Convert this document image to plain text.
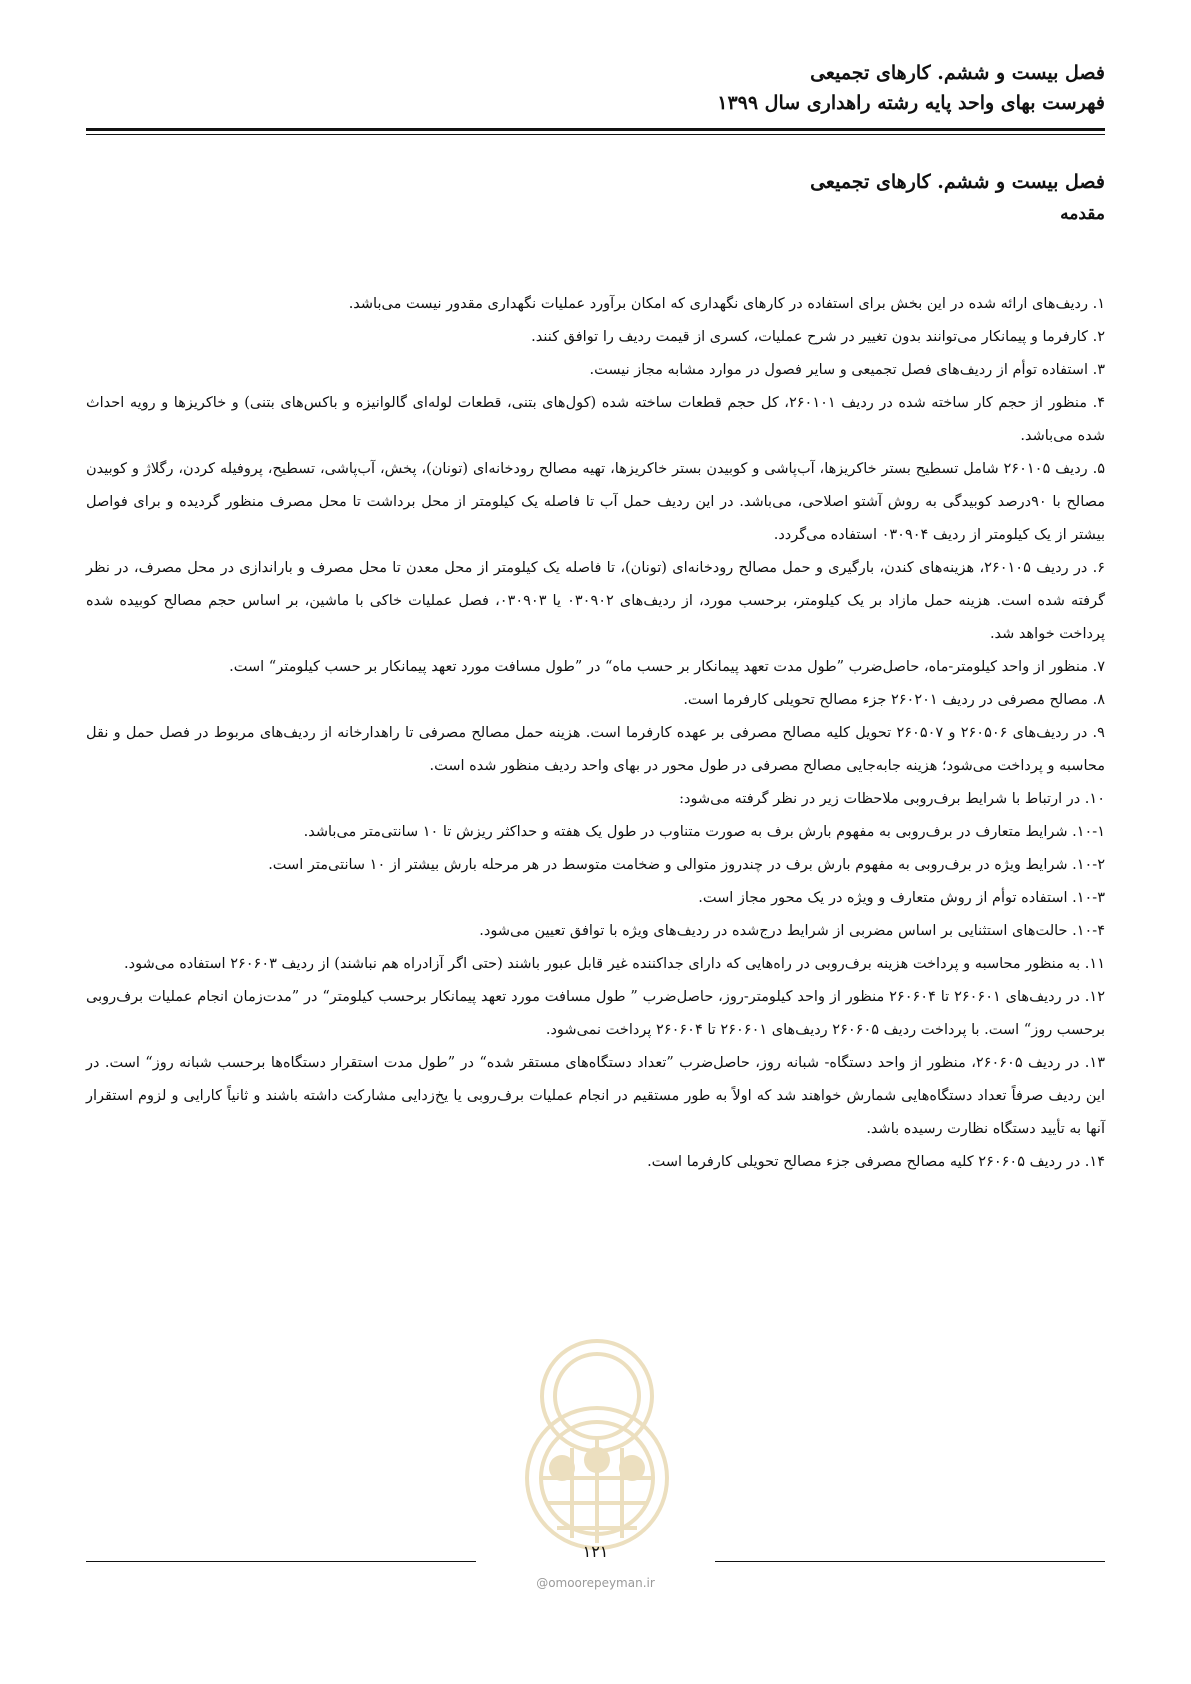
فصل بیست و ششم. کارهای تجمیعی
فهرست بهای واحد پایه رشته راهداری سال ۱۳۹۹
فصل بیست و ششم. کارهای تجمیعی
مقدمه

۱. ردیف‌های ارائه شده در این بخش برای استفاده در کارهای نگهداری که امکان برآورد عملیات نگهداری مقدور نیست می‌باشد.

۲. کارفرما و پیمانکار می‌توانند بدون تغییر در شرح عملیات، کسری از قیمت ردیف را توافق کنند.

۳. استفاده توأم از ردیف‌های فصل تجمیعی و سایر فصول در موارد مشابه مجاز نیست.

۴. منظور از حجم کار ساخته شده در ردیف ۲۶۰۱۰۱، کل حجم قطعات ساخته شده (کول‌های بتنی، قطعات لوله‌ای گالوانیزه و باکس‌های بتنی) و خاکریزها و رویه احداث شده می‌باشد.

۵. ردیف ۲۶۰۱۰۵ شامل تسطیح بستر خاکریزها، آب‌پاشی و کوبیدن بستر خاکریزها، تهیه مصالح رودخانه‌ای (تونان)، پخش، آب‌پاشی، تسطیح، پروفیله کردن، رگلاژ و کوبیدن مصالح با ۹۰درصد کوبیدگی به روش آشتو اصلاحی، می‌باشد. در این ردیف حمل آب تا فاصله یک کیلومتر از محل برداشت تا محل مصرف منظور گردیده و برای فواصل بیشتر از یک کیلومتر از ردیف ۰۳۰۹۰۴ استفاده می‌گردد.

۶. در ردیف ۲۶۰۱۰۵، هزینه‌های کندن، بارگیری و حمل مصالح رودخانه‌ای (تونان)، تا فاصله یک کیلومتر از محل معدن تا محل مصرف و باراندازی در محل مصرف، در نظر گرفته شده است. هزینه حمل مازاد بر یک کیلومتر، برحسب مورد، از ردیف‌های ۰۳۰۹۰۲ یا ۰۳۰۹۰۳، فصل عملیات خاکی با ماشین، بر اساس حجم مصالح کوبیده شده پرداخت خواهد شد.

۷. منظور از واحد کیلومتر-ماه، حاصل‌ضرب ”طول مدت تعهد پیمانکار بر حسب ماه“ در ”طول مسافت مورد تعهد پیمانکار بر حسب کیلومتر“ است.

۸. مصالح مصرفی در ردیف ۲۶۰۲۰۱ جزء مصالح تحویلی کارفرما است.

۹. در ردیف‌های ۲۶۰۵۰۶ و ۲۶۰۵۰۷ تحویل کلیه مصالح مصرفی بر عهده کارفرما است. هزینه حمل مصالح مصرفی تا راهدارخانه از ردیف‌های مربوط در فصل حمل و نقل محاسبه و پرداخت می‌شود؛ هزینه جابه‌جایی مصالح مصرفی در طول محور در بهای واحد ردیف منظور شده است.

۱۰. در ارتباط با شرایط برف‌روبی ملاحظات زیر در نظر گرفته می‌شود:

۱۰-۱. شرایط متعارف در برف‌روبی به مفهوم بارش برف به صورت متناوب در طول یک هفته و حداکثر ریزش تا ۱۰ سانتی‌متر می‌باشد.

۱۰-۲. شرایط ویژه در برف‌روبی به مفهوم بارش برف در چندروز متوالی و ضخامت متوسط در هر مرحله بارش بیشتر از ۱۰ سانتی‌متر است.

۱۰-۳. استفاده توأم از روش متعارف و ویژه در یک محور مجاز است.

۱۰-۴. حالت‌های استثنایی بر اساس مضربی از شرایط درج‌شده در ردیف‌های ویژه با توافق تعیین می‌شود.

۱۱. به منظور محاسبه و پرداخت هزینه برف‌روبی در راه‌هایی که دارای جداکننده غیر قابل عبور باشند (حتی اگر آزادراه هم نباشند) از ردیف ۲۶۰۶۰۳ استفاده می‌شود.

۱۲. در ردیف‌های ۲۶۰۶۰۱ تا ۲۶۰۶۰۴ منظور از واحد کیلومتر-روز، حاصل‌ضرب ” طول مسافت مورد تعهد پیمانکار برحسب کیلومتر“ در ”مدت‌زمان انجام عملیات برف‌روبی برحسب روز“ است. با پرداخت ردیف ۲۶۰۶۰۵ ردیف‌های ۲۶۰۶۰۱ تا ۲۶۰۶۰۴ پرداخت نمی‌شود.

۱۳. در ردیف ۲۶۰۶۰۵، منظور از واحد دستگاه- شبانه روز، حاصل‌ضرب ”تعداد دستگاه‌های مستقر شده“ در ”طول مدت استقرار دستگاه‌ها برحسب شبانه روز“ است. در این ردیف صرفاً تعداد دستگاه‌هایی شمارش خواهند شد که اولاً به طور مستقیم در انجام عملیات برف‌روبی یا یخ‌زدایی مشارکت داشته باشند و ثانیاً کارایی و لزوم استقرار آنها به تأیید دستگاه نظارت رسیده باشد.

۱۴. در ردیف ۲۶۰۶۰۵ کلیه مصالح مصرفی جزء مصالح تحویلی کارفرما است.

۱۲۱
@omoorepeyman.ir
